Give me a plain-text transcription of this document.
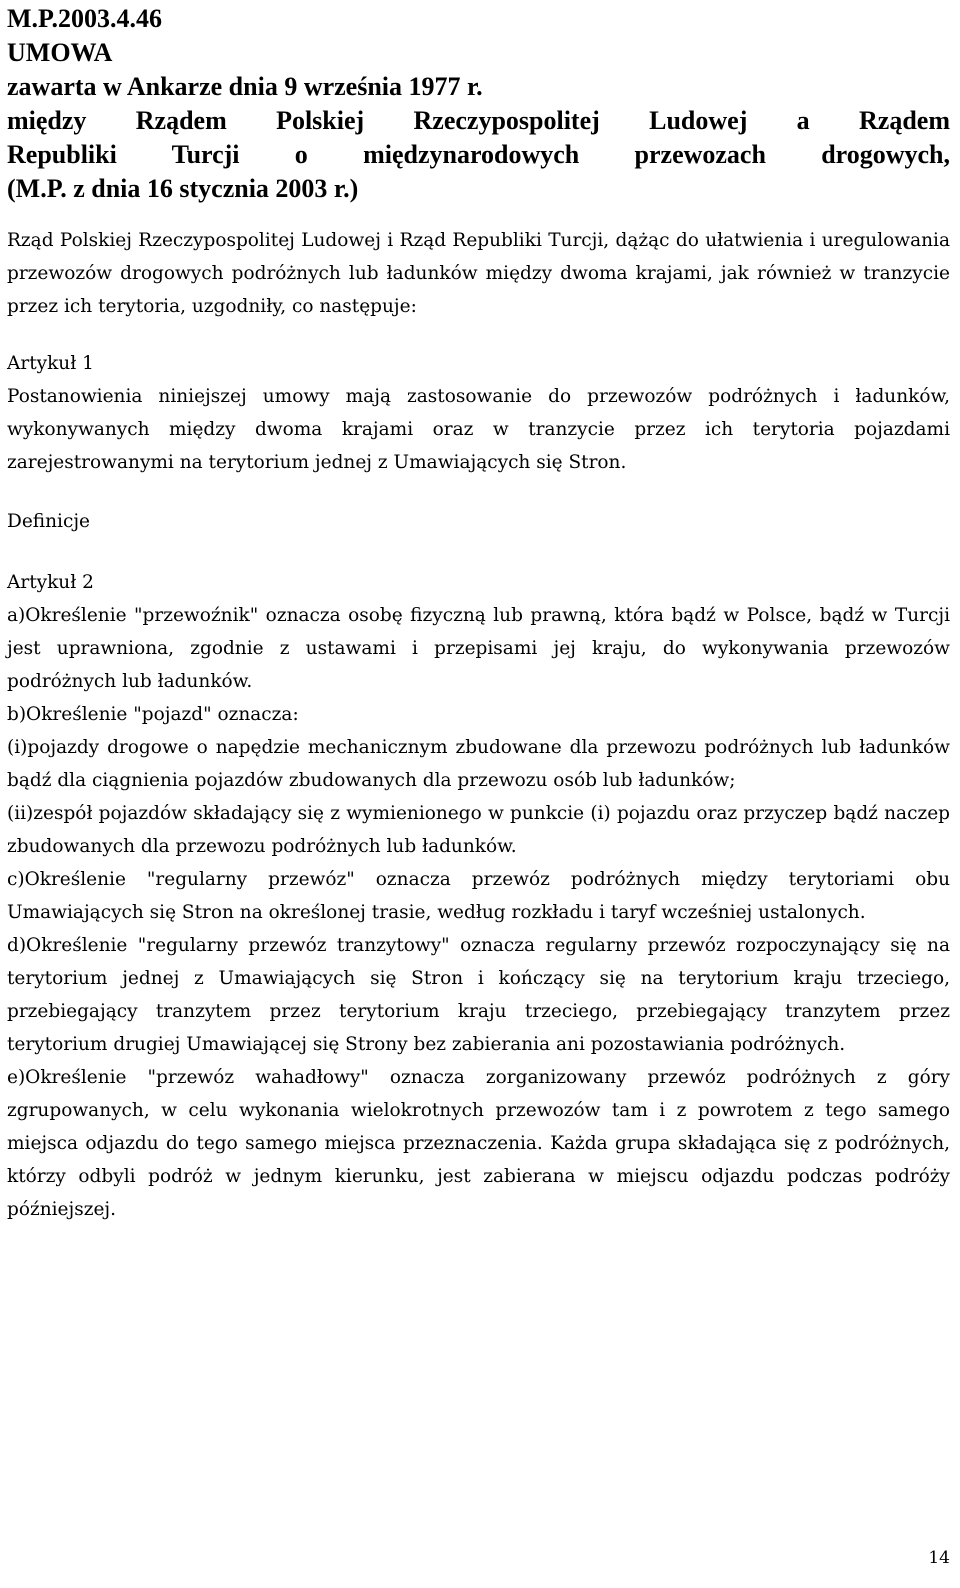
M.P.2003.4.46

UMOWA

zawarta w Ankarze dnia 9 września 1977 r.

między Rządem Polskiej Rzeczypospolitej Ludowej a Rządem

Republiki Turcji o międzynarodowych przewozach drogowych,

(M.P. z dnia 16 stycznia 2003 r.)

Rząd Polskiej Rzeczypospolitej Ludowej i Rząd Republiki Turcji, dążąc do ułatwienia i uregulowania przewozów drogowych podróżnych lub ładunków między dwoma krajami, jak również w tranzycie przez ich terytoria, uzgodniły, co następuje:

Artykuł 1

Postanowienia niniejszej umowy mają zastosowanie do przewozów podróżnych i ładunków, wykonywanych między dwoma krajami oraz w tranzycie przez ich terytoria pojazdami zarejestrowanymi na terytorium jednej z Umawiających się Stron.

Definicje

Artykuł 2

a)Określenie "przewoźnik" oznacza osobę fizyczną lub prawną, która bądź w Polsce, bądź w Turcji jest uprawniona, zgodnie z ustawami i przepisami jej kraju, do wykonywania przewozów podróżnych lub ładunków.

b)Określenie "pojazd" oznacza:

(i)pojazdy drogowe o napędzie mechanicznym zbudowane dla przewozu podróżnych lub ładunków bądź dla ciągnienia pojazdów zbudowanych dla przewozu osób lub ładunków;

(ii)zespół pojazdów składający się z wymienionego w punkcie (i) pojazdu oraz przyczep bądź naczep zbudowanych dla przewozu podróżnych lub ładunków.

c)Określenie "regularny przewóz" oznacza przewóz podróżnych między terytoriami obu Umawiających się Stron na określonej trasie, według rozkładu i taryf wcześniej ustalonych.

d)Określenie "regularny przewóz tranzytowy" oznacza regularny przewóz rozpoczynający się na terytorium jednej z Umawiających się Stron i kończący się na terytorium kraju trzeciego, przebiegający tranzytem przez terytorium kraju trzeciego, przebiegający tranzytem przez terytorium drugiej Umawiającej się Strony bez zabierania ani pozostawiania podróżnych.

e)Określenie "przewóz wahadłowy" oznacza zorganizowany przewóz podróżnych z góry zgrupowanych, w celu wykonania wielokrotnych przewozów tam i z powrotem z tego samego miejsca odjazdu do tego samego miejsca przeznaczenia. Każda grupa składająca się z podróżnych, którzy odbyli podróż w jednym kierunku, jest zabierana w miejscu odjazdu podczas podróży późniejszej.

14
